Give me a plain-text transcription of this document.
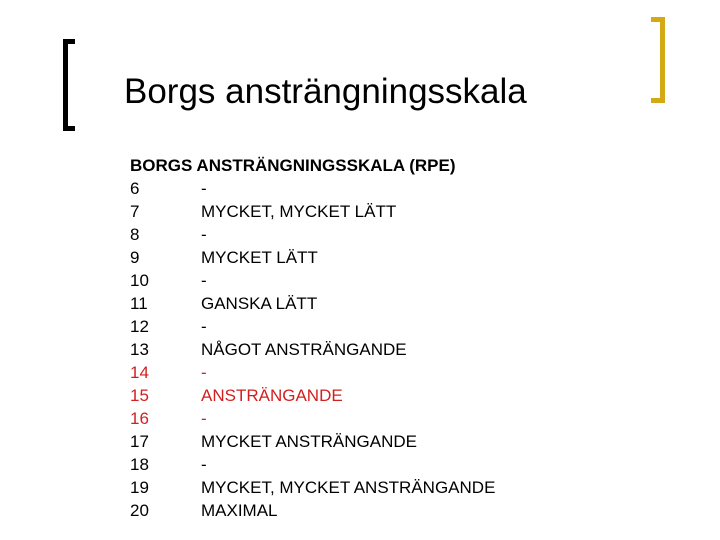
Borgs ansträngningsskala
BORGS ANSTRÄNGNINGSSKALA (RPE)
6	-
7	MYCKET, MYCKET LÄTT
8	-
9	MYCKET LÄTT
10	-
11	GANSKA LÄTT
12	-
13	NÅGOT ANSTRÄNGANDE
14	-
15	ANSTRÄNGANDE
16	-
17	MYCKET ANSTRÄNGANDE
18	-
19	MYCKET, MYCKET ANSTRÄNGANDE
20	MAXIMAL
